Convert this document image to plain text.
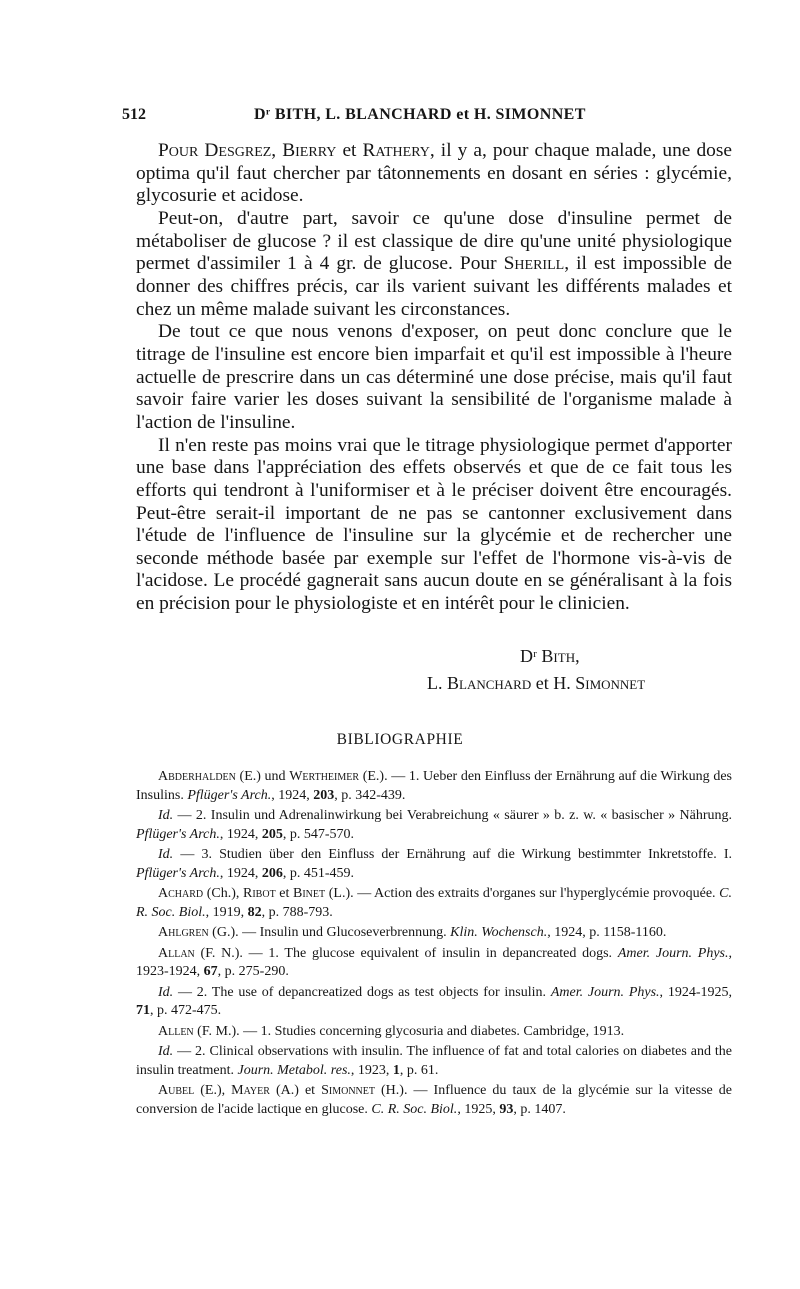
512	Dʳ BITH, L. BLANCHARD et H. SIMONNET

Pour Desgrez, Bierry et Rathery, il y a, pour chaque malade, une dose optima qu'il faut chercher par tâtonnements en dosant en séries : glycémie, glycosurie et acidose.

Peut-on, d'autre part, savoir ce qu'une dose d'insuline permet de métaboliser de glucose ? il est classique de dire qu'une unité physiologique permet d'assimiler 1 à 4 gr. de glucose. Pour Sherill, il est impossible de donner des chiffres précis, car ils varient suivant les différents malades et chez un même malade suivant les circonstances.

De tout ce que nous venons d'exposer, on peut donc conclure que le titrage de l'insuline est encore bien imparfait et qu'il est impossible à l'heure actuelle de prescrire dans un cas déterminé une dose précise, mais qu'il faut savoir faire varier les doses suivant la sensibilité de l'organisme malade à l'action de l'insuline.

Il n'en reste pas moins vrai que le titrage physiologique permet d'apporter une base dans l'appréciation des effets observés et que de ce fait tous les efforts qui tendront à l'uniformiser et à le préciser doivent être encouragés. Peut-être serait-il important de ne pas se cantonner exclusivement dans l'étude de l'influence de l'insuline sur la glycémie et de rechercher une seconde méthode basée par exemple sur l'effet de l'hormone vis-à-vis de l'acidose. Le procédé gagnerait sans aucun doute en se généralisant à la fois en précision pour le physiologiste et en intérêt pour le clinicien.

Dʳ Bith,
L. Blanchard et H. Simonnet
BIBLIOGRAPHIE

Abderhalden (E.) und Wertheimer (E.). — 1. Ueber den Einfluss der Ernährung auf die Wirkung des Insulins. Pflüger's Arch., 1924, 203, p. 342-439.

Id. — 2. Insulin und Adrenalinwirkung bei Verabreichung « säurer » b. z. w. « basischer » Nährung. Pflüger's Arch., 1924, 205, p. 547-570.

Id. — 3. Studien über den Einfluss der Ernährung auf die Wirkung bestimmter Inkretstoffe. I. Pflüger's Arch., 1924, 206, p. 451-459.

Achard (Ch.), Ribot et Binet (L.). — Action des extraits d'organes sur l'hyperglycémie provoquée. C. R. Soc. Biol., 1919, 82, p. 788-793.

Ahlgren (G.). — Insulin und Glucoseverbrennung. Klin. Wochensch., 1924, p. 1158-1160.

Allan (F. N.). — 1. The glucose equivalent of insulin in depancreated dogs. Amer. Journ. Phys., 1923-1924, 67, p. 275-290.

Id. — 2. The use of depancreatized dogs as test objects for insulin. Amer. Journ. Phys., 1924-1925, 71, p. 472-475.

Allen (F. M.). — 1. Studies concerning glycosuria and diabetes. Cambridge, 1913.

Id. — 2. Clinical observations with insulin. The influence of fat and total calories on diabetes and the insulin treatment. Journ. Metabol. res., 1923, 1, p. 61.

Aubel (E.), Mayer (A.) et Simonnet (H.). — Influence du taux de la glycémie sur la vitesse de conversion de l'acide lactique en glucose. C. R. Soc. Biol., 1925, 93, p. 1407.
